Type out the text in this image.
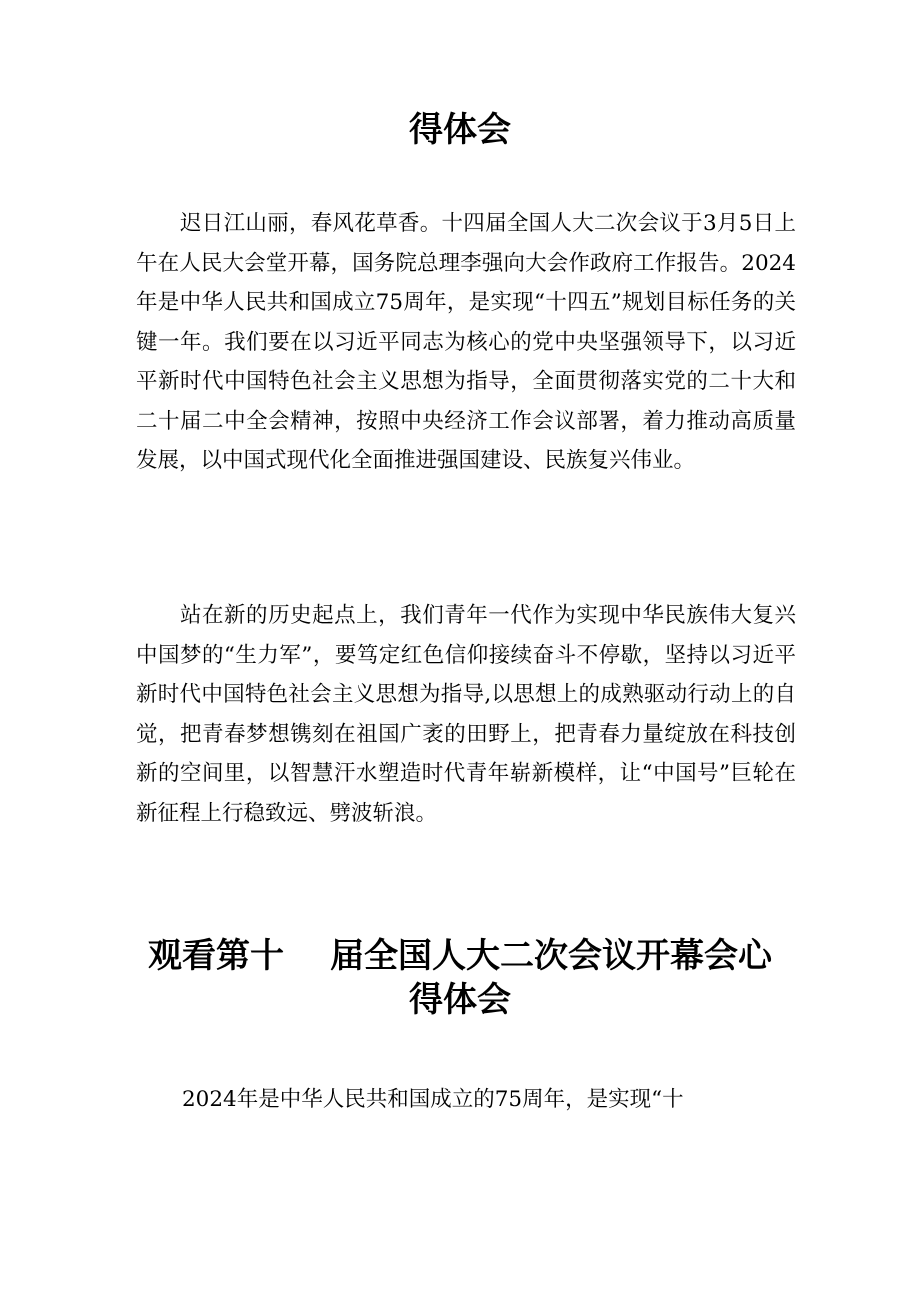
得体会

迟日江山丽，春风花草香。十四届全国人大二次会议于3月5日上午在人民大会堂开幕，国务院总理李强向大会作政府工作报告。2024年是中华人民共和国成立75周年，是实现“十四五”规划目标任务的关键一年。我们要在以习近平同志为核心的党中央坚强领导下，以习近平新时代中国特色社会主义思想为指导，全面贯彻落实党的二十大和二十届二中全会精神，按照中央经济工作会议部署，着力推动高质量发展，以中国式现代化全面推进强国建设、民族复兴伟业。

站在新的历史起点上，我们青年一代作为实现中华民族伟大复兴中国梦的“生力军”，要笃定红色信仰接续奋斗不停歇，坚持以习近平新时代中国特色社会主义思想为指导,以思想上的成熟驱动行动上的自觉，把青春梦想镌刻在祖国广袤的田野上，把青春力量绽放在科技创新的空间里，以智慧汗水塑造时代青年崭新模样，让“中国号”巨轮在新征程上行稳致远、劈波斩浪。

观看第十 届全国人大二次会议开幕会心
得体会

2024年是中华人民共和国成立的75周年，是实现“十
